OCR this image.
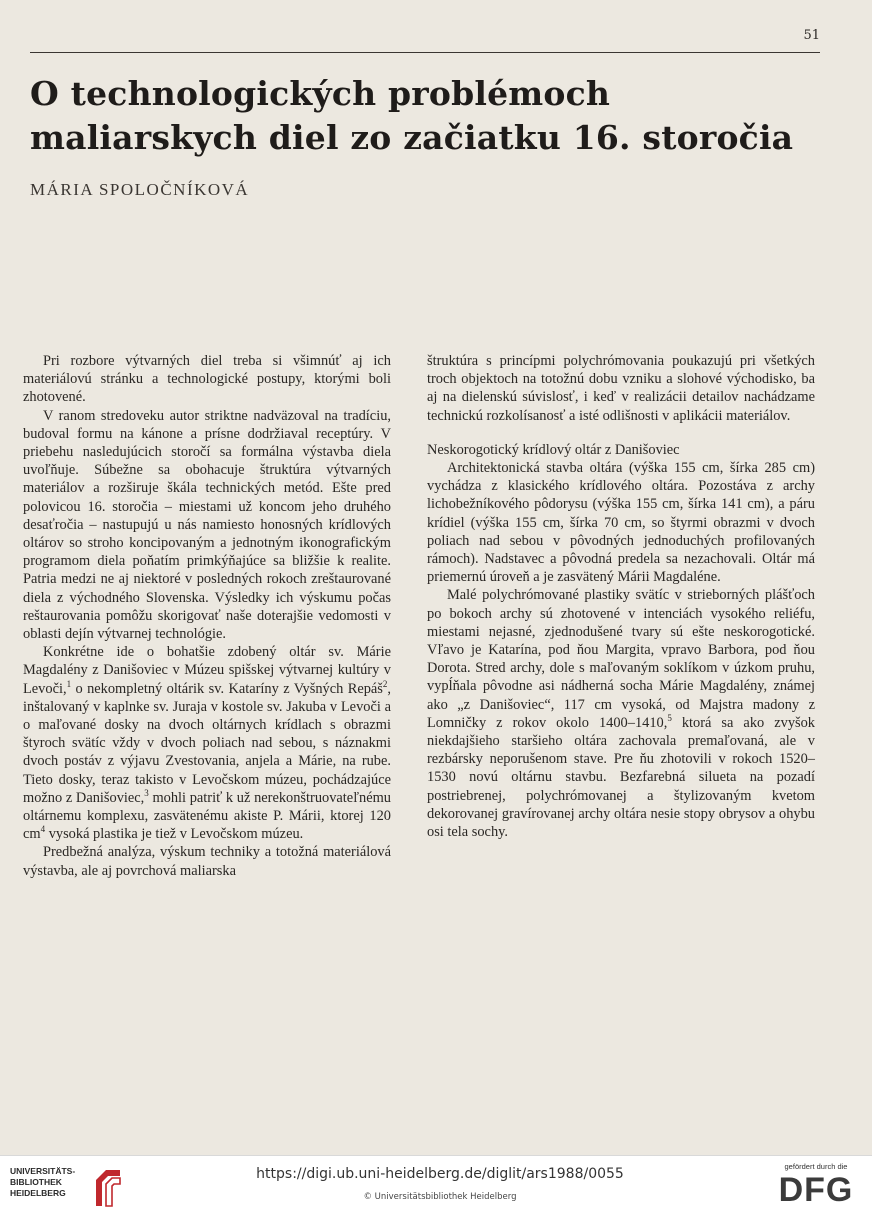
51
O technologických problémoch
maliarskych diel zo začiatku 16. storočia
MÁRIA SPOLOČNÍKOVÁ

Pri rozbore výtvarných diel treba si všimnúť aj ich materiálovú stránku a technologické postupy, ktorými boli zhotovené.

V ranom stredoveku autor striktne nadväzoval na tradíciu, budoval formu na kánone a prísne dodržiaval receptúry. V priebehu nasledujúcich storočí sa formálna výstavba diela uvoľňuje. Súbežne sa obohacuje štruktúra výtvarných materiálov a rozširuje škála technických metód. Ešte pred polovicou 16. storočia – miestami už koncom jeho druhého desaťročia – nastupujú u nás namiesto honosných krídlových oltárov so stroho koncipovaným a jednotným ikonografickým programom diela poňatím primkýňajúce sa bližšie k realite. Patria medzi ne aj niektoré v posledných rokoch zreštaurované diela z východného Slovenska. Výsledky ich výskumu počas reštaurovania pomôžu skorigovať naše doterajšie vedomosti v oblasti dejín výtvarnej technológie.

Konkrétne ide o bohatšie zdobený oltár sv. Márie Magdalény z Danišoviec v Múzeu spišskej výtvarnej kultúry v Levoči,$^1$ o nekompletný oltárik sv. Kataríny z Vyšných Repáš$^2$, inštalovaný v kaplnke sv. Juraja v kostole sv. Jakuba v Levoči a o maľované dosky na dvoch oltárnych krídlach s obrazmi štyroch svätíc vždy v dvoch poliach nad sebou, s náznakmi dvoch postáv z výjavu Zvestovania, anjela a Márie, na rube. Tieto dosky, teraz takisto v Levočskom múzeu, pochádzajúce možno z Danišoviec,$^3$ mohli patriť k už nerekonštruovateľnému oltárnemu komplexu, zasvätenému akiste P. Márii, ktorej 120 $cm^4$ vysoká plastika je tiež v Levočskom múzeu.

Predbežná analýza, výskum techniky a totožná materiálová výstavba, ale aj povrchová maliarska

štruktúra s princípmi polychrómovania poukazujú pri všetkých troch objektoch na totožnú dobu vzniku a slohové východisko, ba aj na dielenskú súvislosť, i keď v realizácii detailov nachádzame technickú rozkolísanosť a isté odlišnosti v aplikácii materiálov.

Neskorogotický krídlový oltár z Danišoviec

Architektonická stavba oltára (výška 155 cm, šírka 285 cm) vychádza z klasického krídlového oltára. Pozostáva z archy lichobežníkového pôdorysu (výška 155 cm, šírka 141 cm), a páru krídiel (výška 155 cm, šírka 70 cm, so štyrmi obrazmi v dvoch poliach nad sebou v pôvodných jednoduchých profilovaných rámoch). Nadstavec a pôvodná predela sa nezachovali. Oltár má priemernú úroveň a je zasvätený Márii Magdaléne.

Malé polychrómované plastiky svätíc v strieborných plášťoch po bokoch archy sú zhotovené v intenciách vysokého reliéfu, miestami nejasné, zjednodušené tvary sú ešte neskorogotické. Vľavo je Katarína, pod ňou Margita, vpravo Barbora, pod ňou Dorota. Stred archy, dole s maľovaným soklíkom v úzkom pruhu, vypĺňala pôvodne asi nádherná socha Márie Magdalény, známej ako „z Danišoviec“, 117 cm vysoká, od Majstra madony z Lomničky z rokov okolo 1400–1410,$^5$ ktorá sa ako zvyšok niekdajšieho staršieho oltára zachovala premaľovaná, ale v rezbársky neporušenom stave. Pre ňu zhotovili v rokoch 1520–1530 novú oltárnu stavbu. Bezfarebná silueta na pozadí postriebrenej, polychrómovanej a štylizovaným kvetom dekorovanej gravírovanej archy oltára nesie stopy obrysov a ohybu osi tela sochy.

UNIVERSITÄTS-
BIBLIOTHEK
HEIDELBERG
https://digi.ub.uni-heidelberg.de/diglit/ars1988/0055
© Universitätsbibliothek Heidelberg
gefördert durch die
DFG
